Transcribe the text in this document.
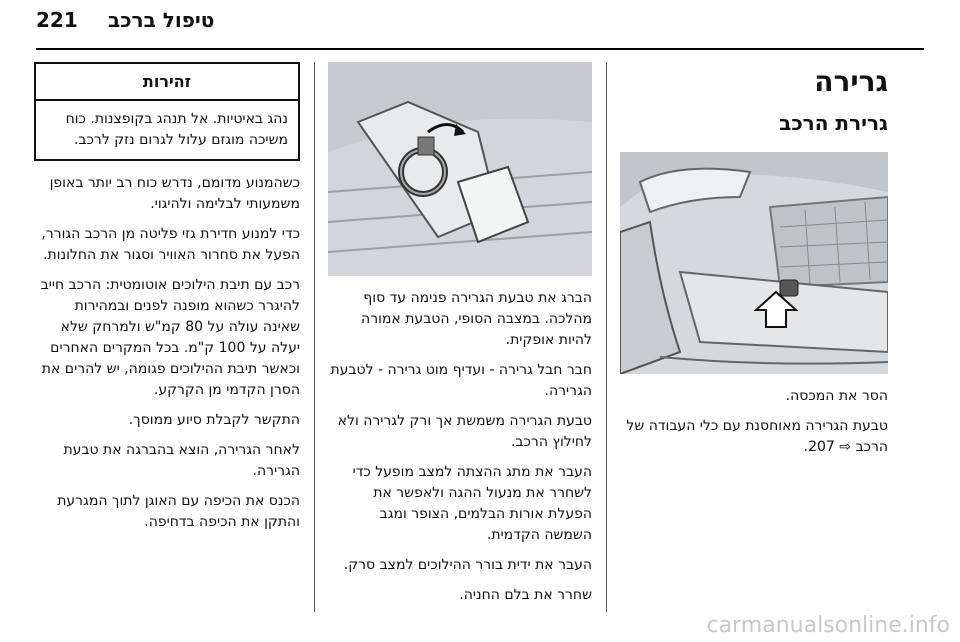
221 טיפול ברכב
גרירה
גרירת הרכב

הסר את המכסה.

טבעת הגרירה מאוחסנת עם כלי העבודה של הרכב ⇨ 207.

הברג את טבעת הגרירה פנימה עד סוף מהלכה. במצבה הסופי, הטבעת אמורה להיות אופקית.

חבר חבל גרירה - ועדיף מוט גרירה - לטבעת הגרירה.

טבעת הגרירה משמשת אך ורק לגרירה ולא לחילוץ הרכב.

העבר את מתג ההצתה למצב מופעל כדי לשחרר את מנעול ההגה ולאפשר את הפעלת אורות הבלמים, הצופר ומגב השמשה הקדמית.

העבר את ידית בורר ההילוכים למצב סרק.

שחרר את בלם החניה.

זהירות
נהג באיטיות. אל תנהג בקופצנות. כוח משיכה מוגזם עלול לגרום נזק לרכב.

כשהמנוע מדומם, נדרש כוח רב יותר באופן משמעותי לבלימה ולהיגוי.

כדי למנוע חדירת גזי פליטה מן הרכב הגורר, הפעל את סחרור האוויר וסגור את החלונות.

רכב עם תיבת הילוכים אוטומטית: הרכב חייב להיגרר כשהוא מופנה לפנים ובמהירות שאינה עולה על 80 קמ"ש ולמרחק שלא יעלה על 100 ק"מ. בכל המקרים האחרים וכאשר תיבת ההילוכים פגומה, יש להרים את הסרן הקדמי מן הקרקע.

התקשר לקבלת סיוע ממוסך.

לאחר הגרירה, הוצא בהברגה את טבעת הגרירה.

הכנס את הכיפה עם האוגן לתוך המגרעת והתקן את הכיפה בדחיפה.

carmanualsonline.info
